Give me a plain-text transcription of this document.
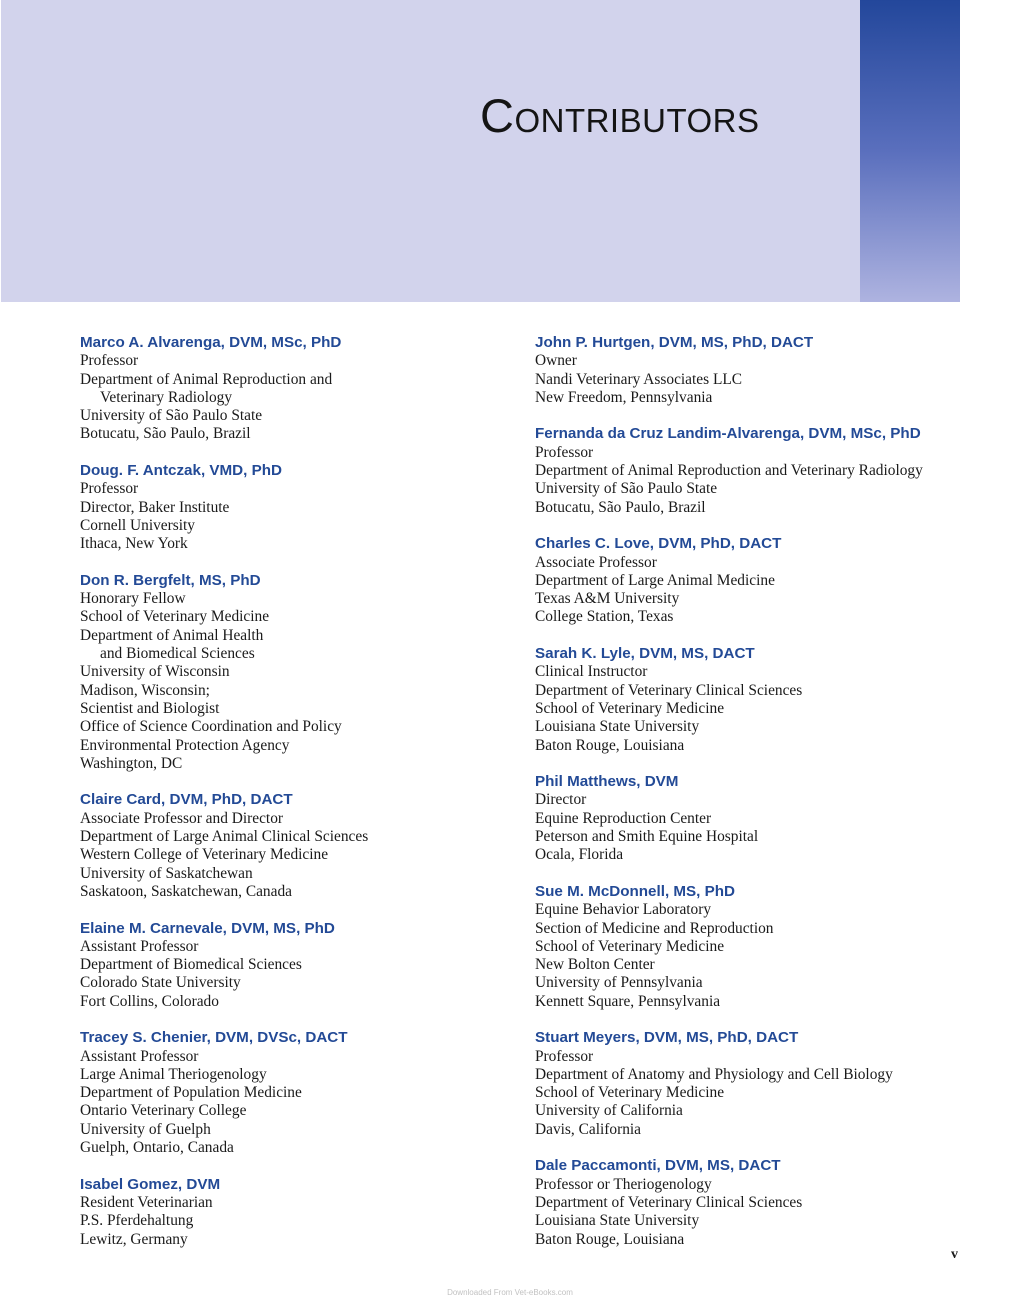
Contributors
Marco A. Alvarenga, DVM, MSc, PhD
Professor
Department of Animal Reproduction and
Veterinary Radiology
University of São Paulo State
Botucatu, São Paulo, Brazil
Doug. F. Antczak, VMD, PhD
Professor
Director, Baker Institute
Cornell University
Ithaca, New York
Don R. Bergfelt, MS, PhD
Honorary Fellow
School of Veterinary Medicine
Department of Animal Health
and Biomedical Sciences
University of Wisconsin
Madison, Wisconsin;
Scientist and Biologist
Office of Science Coordination and Policy
Environmental Protection Agency
Washington, DC
Claire Card, DVM, PhD, DACT
Associate Professor and Director
Department of Large Animal Clinical Sciences
Western College of Veterinary Medicine
University of Saskatchewan
Saskatoon, Saskatchewan, Canada
Elaine M. Carnevale, DVM, MS, PhD
Assistant Professor
Department of Biomedical Sciences
Colorado State University
Fort Collins, Colorado
Tracey S. Chenier, DVM, DVSc, DACT
Assistant Professor
Large Animal Theriogenology
Department of Population Medicine
Ontario Veterinary College
University of Guelph
Guelph, Ontario, Canada
Isabel Gomez, DVM
Resident Veterinarian
P.S. Pferdehaltung
Lewitz, Germany
John P. Hurtgen, DVM, MS, PhD, DACT
Owner
Nandi Veterinary Associates LLC
New Freedom, Pennsylvania
Fernanda da Cruz Landim-Alvarenga, DVM, MSc, PhD
Professor
Department of Animal Reproduction and Veterinary Radiology
University of São Paulo State
Botucatu, São Paulo, Brazil
Charles C. Love, DVM, PhD, DACT
Associate Professor
Department of Large Animal Medicine
Texas A&M University
College Station, Texas
Sarah K. Lyle, DVM, MS, DACT
Clinical Instructor
Department of Veterinary Clinical Sciences
School of Veterinary Medicine
Louisiana State University
Baton Rouge, Louisiana
Phil Matthews, DVM
Director
Equine Reproduction Center
Peterson and Smith Equine Hospital
Ocala, Florida
Sue M. McDonnell, MS, PhD
Equine Behavior Laboratory
Section of Medicine and Reproduction
School of Veterinary Medicine
New Bolton Center
University of Pennsylvania
Kennett Square, Pennsylvania
Stuart Meyers, DVM, MS, PhD, DACT
Professor
Department of Anatomy and Physiology and Cell Biology
School of Veterinary Medicine
University of California
Davis, California
Dale Paccamonti, DVM, MS, DACT
Professor or Theriogenology
Department of Veterinary Clinical Sciences
Louisiana State University
Baton Rouge, Louisiana
v
Downloaded From Vet-eBooks.com
